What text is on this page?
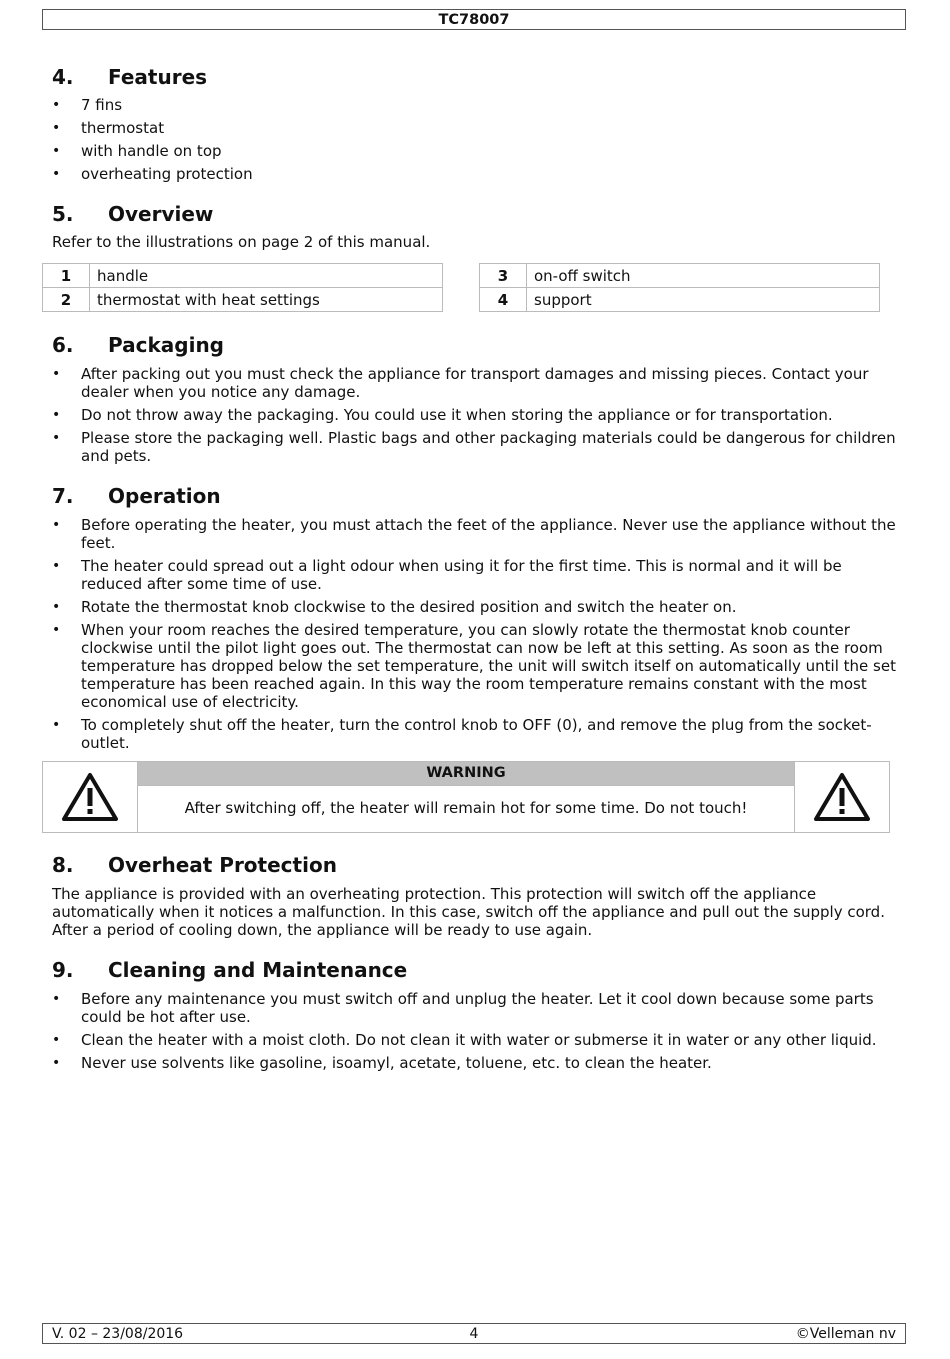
TC78007
4. Features
• 7 fins
• thermostat
• with handle on top
• overheating protection
5. Overview

Refer to the illustrations on page 2 of this manual.

1	handle
2	thermostat with heat settings
3	on-off switch
4	support
6. Packaging
• After packing out you must check the appliance for transport damages and missing pieces. Contact your dealer when you notice any damage.
• Do not throw away the packaging. You could use it when storing the appliance or for transportation.
• Please store the packaging well. Plastic bags and other packaging materials could be dangerous for children and pets.
7. Operation
• Before operating the heater, you must attach the feet of the appliance. Never use the appliance without the feet.
• The heater could spread out a light odour when using it for the first time. This is normal and it will be reduced after some time of use.
• Rotate the thermostat knob clockwise to the desired position and switch the heater on.
• When your room reaches the desired temperature, you can slowly rotate the thermostat knob counter clockwise until the pilot light goes out. The thermostat can now be left at this setting. As soon as the room temperature has dropped below the set temperature, the unit will switch itself on automatically until the set temperature has been reached again. In this way the room temperature remains constant with the most economical use of electricity.
• To completely shut off the heater, turn the control knob to OFF (0), and remove the plug from the socket-outlet.
WARNING
After switching off, the heater will remain hot for some time. Do not touch!
8. Overheat Protection

The appliance is provided with an overheating protection. This protection will switch off the appliance automatically when it notices a malfunction. In this case, switch off the appliance and pull out the supply cord. After a period of cooling down, the appliance will be ready to use again.

9. Cleaning and Maintenance
• Before any maintenance you must switch off and unplug the heater. Let it cool down because some parts could be hot after use.
• Clean the heater with a moist cloth. Do not clean it with water or submerse it in water or any other liquid.
• Never use solvents like gasoline, isoamyl, acetate, toluene, etc. to clean the heater.
V. 02 – 23/08/2016	4	©Velleman nv
